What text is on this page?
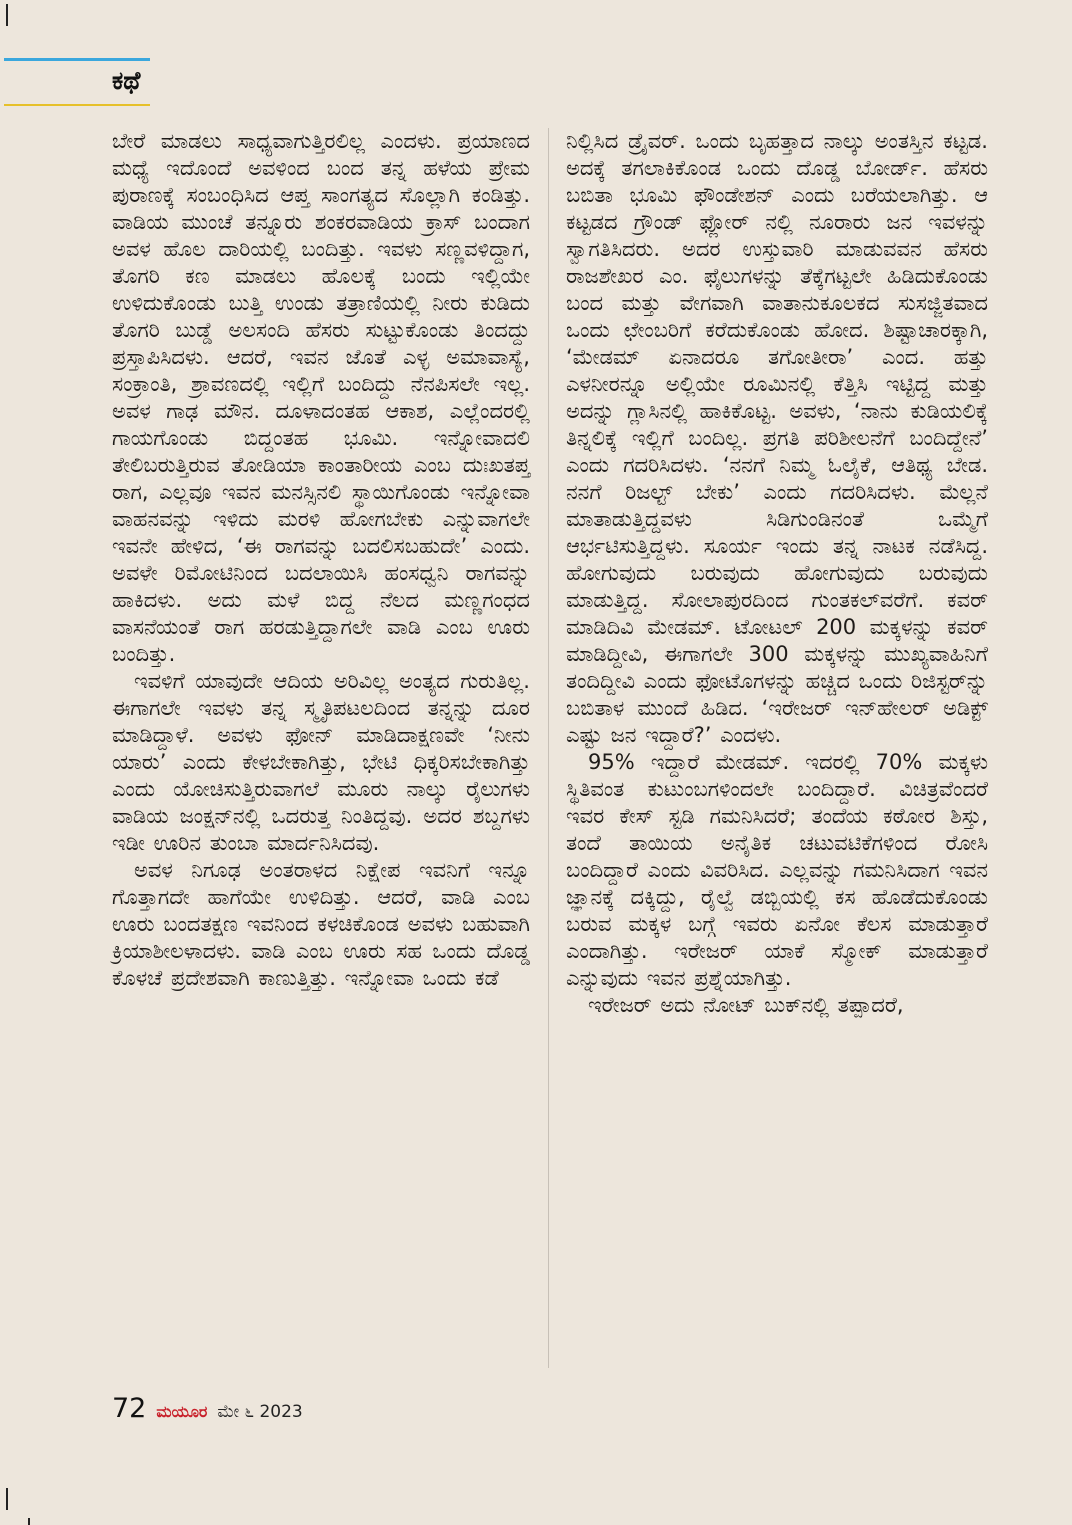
ಕಥೆ

ಬೇರೆ ಮಾಡಲು ಸಾಧ್ಯವಾಗುತ್ತಿರಲಿಲ್ಲ ಎಂದಳು. ಪ್ರಯಾಣದ ಮಧ್ಯೆ ಇದೊಂದೆ ಅವಳಿಂದ ಬಂದ ತನ್ನ ಹಳೆಯ ಪ್ರೇಮ ಪುರಾಣಕ್ಕೆ ಸಂಬಂಧಿಸಿದ ಆಪ್ತ ಸಾಂಗತ್ಯದ ಸೊಲ್ಲಾಗಿ ಕಂಡಿತ್ತು. ವಾಡಿಯ ಮುಂಚೆ ತನ್ನೂರು ಶಂಕರವಾಡಿಯ ಕ್ರಾಸ್ ಬಂದಾಗ ಅವಳ ಹೊಲ ದಾರಿಯಲ್ಲಿ ಬಂದಿತ್ತು. ಇವಳು ಸಣ್ಣವಳಿದ್ದಾಗ, ತೊಗರಿ ಕಣ ಮಾಡಲು ಹೊಲಕ್ಕೆ ಬಂದು ಇಲ್ಲಿಯೇ ಉಳಿದುಕೊಂಡು ಬುತ್ತಿ ಉಂಡು ತತ್ರಾಣಿಯಲ್ಲಿ ನೀರು ಕುಡಿದು ತೊಗರಿ ಬುಡ್ಡೆ ಅಲಸಂದಿ ಹೆಸರು ಸುಟ್ಟುಕೊಂಡು ತಿಂದದ್ದು ಪ್ರಸ್ತಾಪಿಸಿದಳು. ಆದರೆ, ಇವನ ಜೊತೆ ಎಳ್ಳ ಅಮಾವಾಸ್ಯೆ, ಸಂಕ್ರಾಂತಿ, ಶ್ರಾವಣದಲ್ಲಿ ಇಲ್ಲಿಗೆ ಬಂದಿದ್ದು ನೆನಪಿಸಲೇ ಇಲ್ಲ. ಅವಳ ಗಾಢ ಮೌನ. ದೂಳಾದಂತಹ ಆಕಾಶ, ಎಲ್ಲೆಂದರಲ್ಲಿ ಗಾಯಗೊಂಡು ಬಿದ್ದಂತಹ ಭೂಮಿ. ಇನ್ನೋವಾದಲಿ ತೇಲಿಬರುತ್ತಿರುವ ತೋಡಿಯಾ ಕಾಂತಾರೀಯ ಎಂಬ ದುಃಖತಪ್ತ ರಾಗ, ಎಲ್ಲವೂ ಇವನ ಮನಸ್ಸಿನಲಿ ಸ್ಥಾಯಿಗೊಂಡು ಇನ್ನೋವಾ ವಾಹನವನ್ನು ಇಳಿದು ಮರಳಿ ಹೋಗಬೇಕು ಎನ್ನುವಾಗಲೇ ಇವನೇ ಹೇಳಿದ, ‘ಈ ರಾಗವನ್ನು ಬದಲಿಸಬಹುದೇ’ ಎಂದು. ಅವಳೇ ರಿಮೋಟಿನಿಂದ ಬದಲಾಯಿಸಿ ಹಂಸಧ್ವನಿ ರಾಗವನ್ನು ಹಾಕಿದಳು. ಅದು ಮಳೆ ಬಿದ್ದ ನೆಲದ ಮಣ್ಣಗಂಧದ ವಾಸನೆಯಂತೆ ರಾಗ ಹರಡುತ್ತಿದ್ದಾಗಲೇ ವಾಡಿ ಎಂಬ ಊರು ಬಂದಿತ್ತು.

ಇವಳಿಗೆ ಯಾವುದೇ ಆದಿಯ ಅರಿವಿಲ್ಲ ಅಂತ್ಯದ ಗುರುತಿಲ್ಲ. ಈಗಾಗಲೇ ಇವಳು ತನ್ನ ಸ್ಮೃತಿಪಟಲದಿಂದ ತನ್ನನ್ನು ದೂರ ಮಾಡಿದ್ದಾಳೆ. ಅವಳು ಫೋನ್ ಮಾಡಿದಾಕ್ಷಣವೇ ‘ನೀನು ಯಾರು’ ಎಂದು ಕೇಳಬೇಕಾಗಿತ್ತು, ಭೇಟಿ ಧಿಕ್ಕರಿಸಬೇಕಾಗಿತ್ತು ಎಂದು ಯೋಚಿಸುತ್ತಿರುವಾಗಲೆ ಮೂರು ನಾಲ್ಕು ರೈಲುಗಳು ವಾಡಿಯ ಜಂಕ್ಷನ್‌ನಲ್ಲಿ ಒದರುತ್ತ ನಿಂತಿದ್ದವು. ಅದರ ಶಬ್ದಗಳು ಇಡೀ ಊರಿನ ತುಂಬಾ ಮಾರ್ದನಿಸಿದವು.

ಅವಳ ನಿಗೂಢ ಅಂತರಾಳದ ನಿಕ್ಷೇಪ ಇವನಿಗೆ ಇನ್ನೂ ಗೊತ್ತಾಗದೇ ಹಾಗೆಯೇ ಉಳಿದಿತ್ತು. ಆದರೆ, ವಾಡಿ ಎಂಬ ಊರು ಬಂದತಕ್ಷಣ ಇವನಿಂದ ಕಳಚಿಕೊಂಡ ಅವಳು ಬಹುವಾಗಿ ಕ್ರಿಯಾಶೀಲಳಾದಳು. ವಾಡಿ ಎಂಬ ಊರು ಸಹ ಒಂದು ದೊಡ್ಡ ಕೊಳಚೆ ಪ್ರದೇಶವಾಗಿ ಕಾಣುತ್ತಿತ್ತು. ಇನ್ನೋವಾ ಒಂದು ಕಡೆ

ನಿಲ್ಲಿಸಿದ ಡ್ರೈವರ್. ಒಂದು ಬೃಹತ್ತಾದ ನಾಲ್ಕು ಅಂತಸ್ತಿನ ಕಟ್ಟಡ. ಅದಕ್ಕೆ ತಗಲಾಕಿಕೊಂಡ ಒಂದು ದೊಡ್ಡ ಬೋರ್ಡ್. ಹೆಸರು ಬಬಿತಾ ಭೂಮಿ ಫೌಂಡೇಶನ್ ಎಂದು ಬರೆಯಲಾಗಿತ್ತು. ಆ ಕಟ್ಟಡದ ಗ್ರೌಂಡ್ ಫ್ಲೋರ್ ನಲ್ಲಿ ನೂರಾರು ಜನ ಇವಳನ್ನು ಸ್ವಾಗತಿಸಿದರು. ಅದರ ಉಸ್ತುವಾರಿ ಮಾಡುವವನ ಹೆಸರು ರಾಜಶೇಖರ ಎಂ. ಫೈಲುಗಳನ್ನು ತೆಕ್ಕೆಗಟ್ಟಲೇ ಹಿಡಿದುಕೊಂಡು ಬಂದ ಮತ್ತು ವೇಗವಾಗಿ ವಾತಾನುಕೂಲಕದ ಸುಸಜ್ಜಿತವಾದ ಒಂದು ಛೇಂಬರಿಗೆ ಕರೆದುಕೊಂಡು ಹೋದ. ಶಿಷ್ಟಾಚಾರಕ್ಕಾಗಿ, ‘ಮೇಡಮ್ ಏನಾದರೂ ತಗೋತೀರಾ’ ಎಂದ. ಹತ್ತು ಎಳನೀರನ್ನೂ ಅಲ್ಲಿಯೇ ರೂಮಿನಲ್ಲಿ ಕೆತ್ತಿಸಿ ಇಟ್ಟಿದ್ದ ಮತ್ತು ಅದನ್ನು ಗ್ಲಾಸಿನಲ್ಲಿ ಹಾಕಿಕೊಟ್ಟ. ಅವಳು, ‘ನಾನು ಕುಡಿಯಲಿಕ್ಕೆ ತಿನ್ನಲಿಕ್ಕೆ ಇಲ್ಲಿಗೆ ಬಂದಿಲ್ಲ. ಪ್ರಗತಿ ಪರಿಶೀಲನೆಗೆ ಬಂದಿದ್ದೇನೆ’ ಎಂದು ಗದರಿಸಿದಳು. ‘ನನಗೆ ನಿಮ್ಮ ಓಲೈಕೆ, ಆತಿಥ್ಯ ಬೇಡ. ನನಗೆ ರಿಜಲ್ಟ್ ಬೇಕು’ ಎಂದು ಗದರಿಸಿದಳು. ಮೆಲ್ಲನೆ ಮಾತಾಡುತ್ತಿದ್ದವಳು ಸಿಡಿಗುಂಡಿನಂತೆ ಒಮ್ಮೆಗೆ ಆರ್ಭಟಿಸುತ್ತಿದ್ದಳು. ಸೂರ್ಯ ಇಂದು ತನ್ನ ನಾಟಕ ನಡೆಸಿದ್ದ. ಹೋಗುವುದು ಬರುವುದು ಹೋಗುವುದು ಬರುವುದು ಮಾಡುತ್ತಿದ್ದ. ಸೋಲಾಪುರದಿಂದ ಗುಂತಕಲ್‌ವರೆಗೆ. ಕವರ್ ಮಾಡಿದಿವಿ ಮೇಡಮ್. ಟೋಟಲ್ 200 ಮಕ್ಕಳನ್ನು ಕವರ್ ಮಾಡಿದ್ದೀವಿ, ಈಗಾಗಲೇ 300 ಮಕ್ಕಳನ್ನು ಮುಖ್ಯವಾಹಿನಿಗೆ ತಂದಿದ್ದೀವಿ ಎಂದು ಫೋಟೊಗಳನ್ನು ಹಚ್ಚಿದ ಒಂದು ರಿಜಿಸ್ಟರ್‌ನ್ನು ಬಬಿತಾಳ ಮುಂದೆ ಹಿಡಿದ. ‘ಇರೇಜರ್ ಇನ್‌ಹೇಲರ್ ಅಡಿಕ್ಟ್ ಎಷ್ಟು ಜನ ಇದ್ದಾರೆ?’ ಎಂದಳು.

95% ಇದ್ದಾರೆ ಮೇಡಮ್. ಇದರಲ್ಲಿ 70% ಮಕ್ಕಳು ಸ್ಥಿತಿವಂತ ಕುಟುಂಬಗಳಿಂದಲೇ ಬಂದಿದ್ದಾರೆ. ವಿಚಿತ್ರವೆಂದರೆ ಇವರ ಕೇಸ್ ಸ್ಟಡಿ ಗಮನಿಸಿದರೆ; ತಂದೆಯ ಕಠೋರ ಶಿಸ್ತು, ತಂದೆ ತಾಯಿಯ ಅನೈತಿಕ ಚಟುವಟಿಕೆಗಳಿಂದ ರೋಸಿ ಬಂದಿದ್ದಾರೆ ಎಂದು ವಿವರಿಸಿದ. ಎಲ್ಲವನ್ನು ಗಮನಿಸಿದಾಗ ಇವನ ಜ್ಞಾನಕ್ಕೆ ದಕ್ಕಿದ್ದು, ರೈಲ್ವೆ ಡಬ್ಬಿಯಲ್ಲಿ ಕಸ ಹೊಡೆದುಕೊಂಡು ಬರುವ ಮಕ್ಕಳ ಬಗ್ಗೆ ಇವರು ಏನೋ ಕೆಲಸ ಮಾಡುತ್ತಾರೆ ಎಂದಾಗಿತ್ತು. ಇರೇಜರ್ ಯಾಕೆ ಸ್ಮೋಕ್ ಮಾಡುತ್ತಾರೆ ಎನ್ನುವುದು ಇವನ ಪ್ರಶ್ನೆಯಾಗಿತ್ತು.

ಇರೇಜರ್ ಅದು ನೋಟ್ ಬುಕ್‌ನಲ್ಲಿ ತಪ್ಪಾದರೆ,

72 ಮಯೂರ ಮೇ ೬ 2023
